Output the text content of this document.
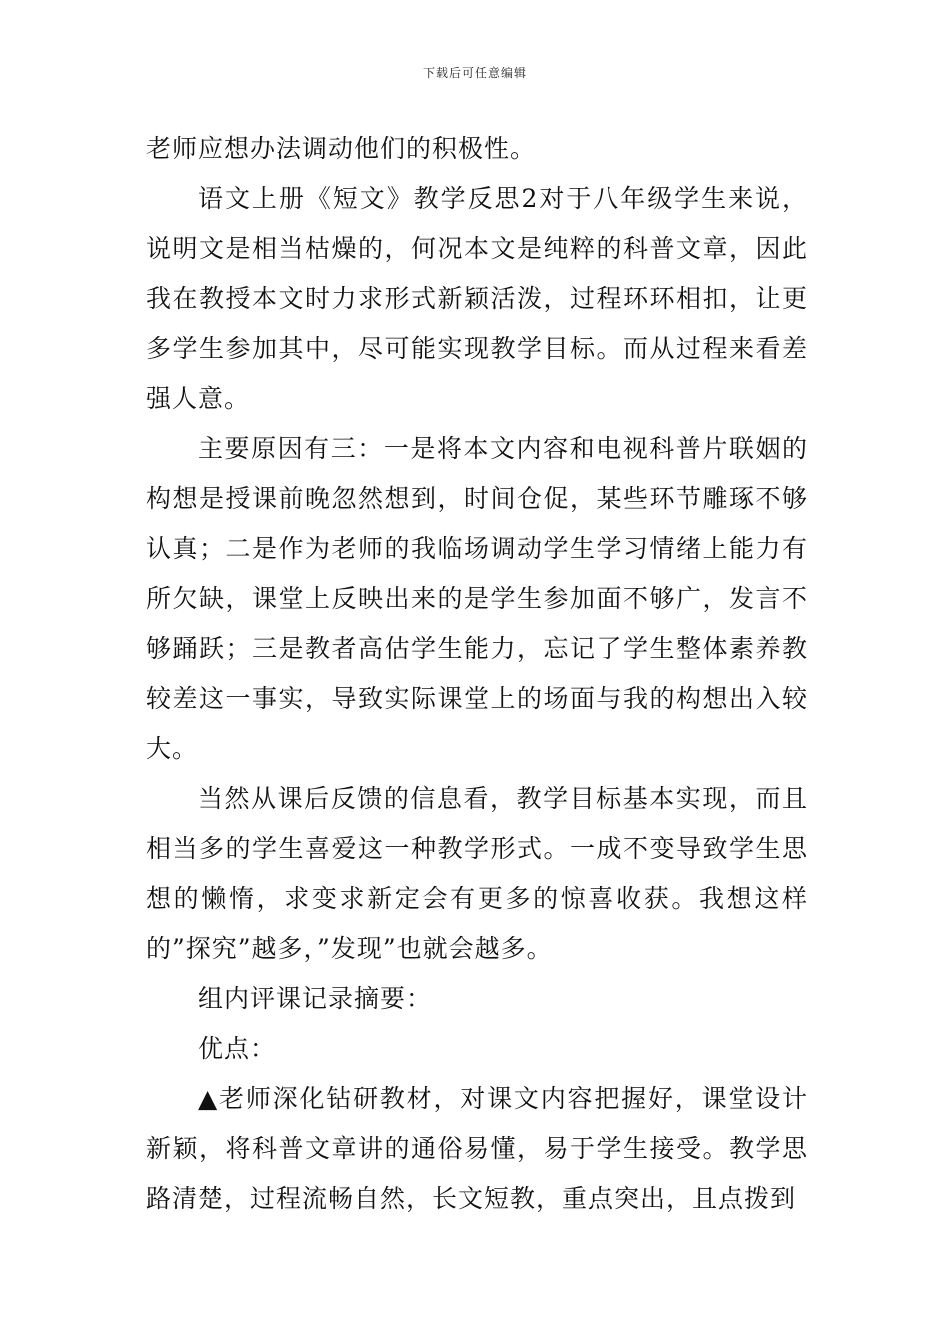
下载后可任意编辑

老师应想办法调动他们的积极性。

语文上册《短文》教学反思2对于八年级学生来说，说明文是相当枯燥的，何况本文是纯粹的科普文章，因此我在教授本文时力求形式新颖活泼，过程环环相扣，让更多学生参加其中，尽可能实现教学目标。而从过程来看差强人意。

主要原因有三：一是将本文内容和电视科普片联姻的构想是授课前晚忽然想到，时间仓促，某些环节雕琢不够认真；二是作为老师的我临场调动学生学习情绪上能力有所欠缺，课堂上反映出来的是学生参加面不够广，发言不够踊跃；三是教者高估学生能力，忘记了学生整体素养教较差这一事实，导致实际课堂上的场面与我的构想出入较大。

当然从课后反馈的信息看，教学目标基本实现，而且相当多的学生喜爱这一种教学形式。一成不变导致学生思想的懒惰，求变求新定会有更多的惊喜收获。我想这样的”探究”越多，”发现”也就会越多。

组内评课记录摘要：

优点：

▲老师深化钻研教材，对课文内容把握好，课堂设计新颖，将科普文章讲的通俗易懂，易于学生接受。教学思路清楚，过程流畅自然，长文短教，重点突出，且点拨到
